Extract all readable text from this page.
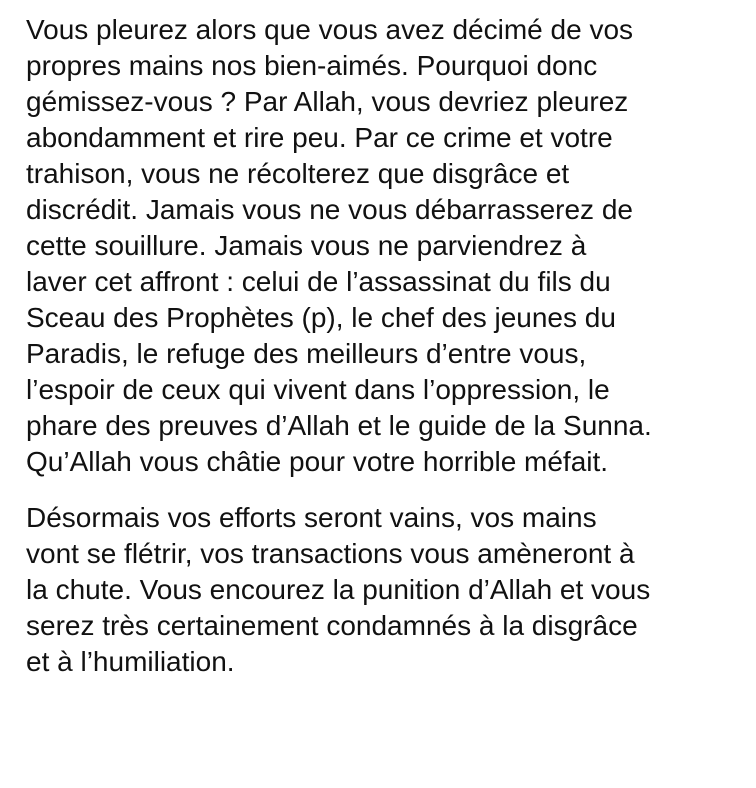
Vous pleurez alors que vous avez décimé de vos
propres mains nos bien-aimés. Pourquoi donc
gémissez-vous ? Par Allah, vous devriez pleurez
abondamment et rire peu. Par ce crime et votre
trahison, vous ne récolterez que disgrâce et
discrédit. Jamais vous ne vous débarrasserez de
cette souillure. Jamais vous ne parviendrez à
laver cet affront : celui de l’assassinat du fils du
Sceau des Prophètes (p), le chef des jeunes du
Paradis, le refuge des meilleurs d’entre vous,
l’espoir de ceux qui vivent dans l’oppression, le
phare des preuves d’Allah et le guide de la Sunna.
Qu’Allah vous châtie pour votre horrible méfait.

Désormais vos efforts seront vains, vos mains
vont se flétrir, vos transactions vous amèneront à
la chute. Vous encourez la punition d’Allah et vous
serez très certainement condamnés à la disgrâce
et à l’humiliation.
